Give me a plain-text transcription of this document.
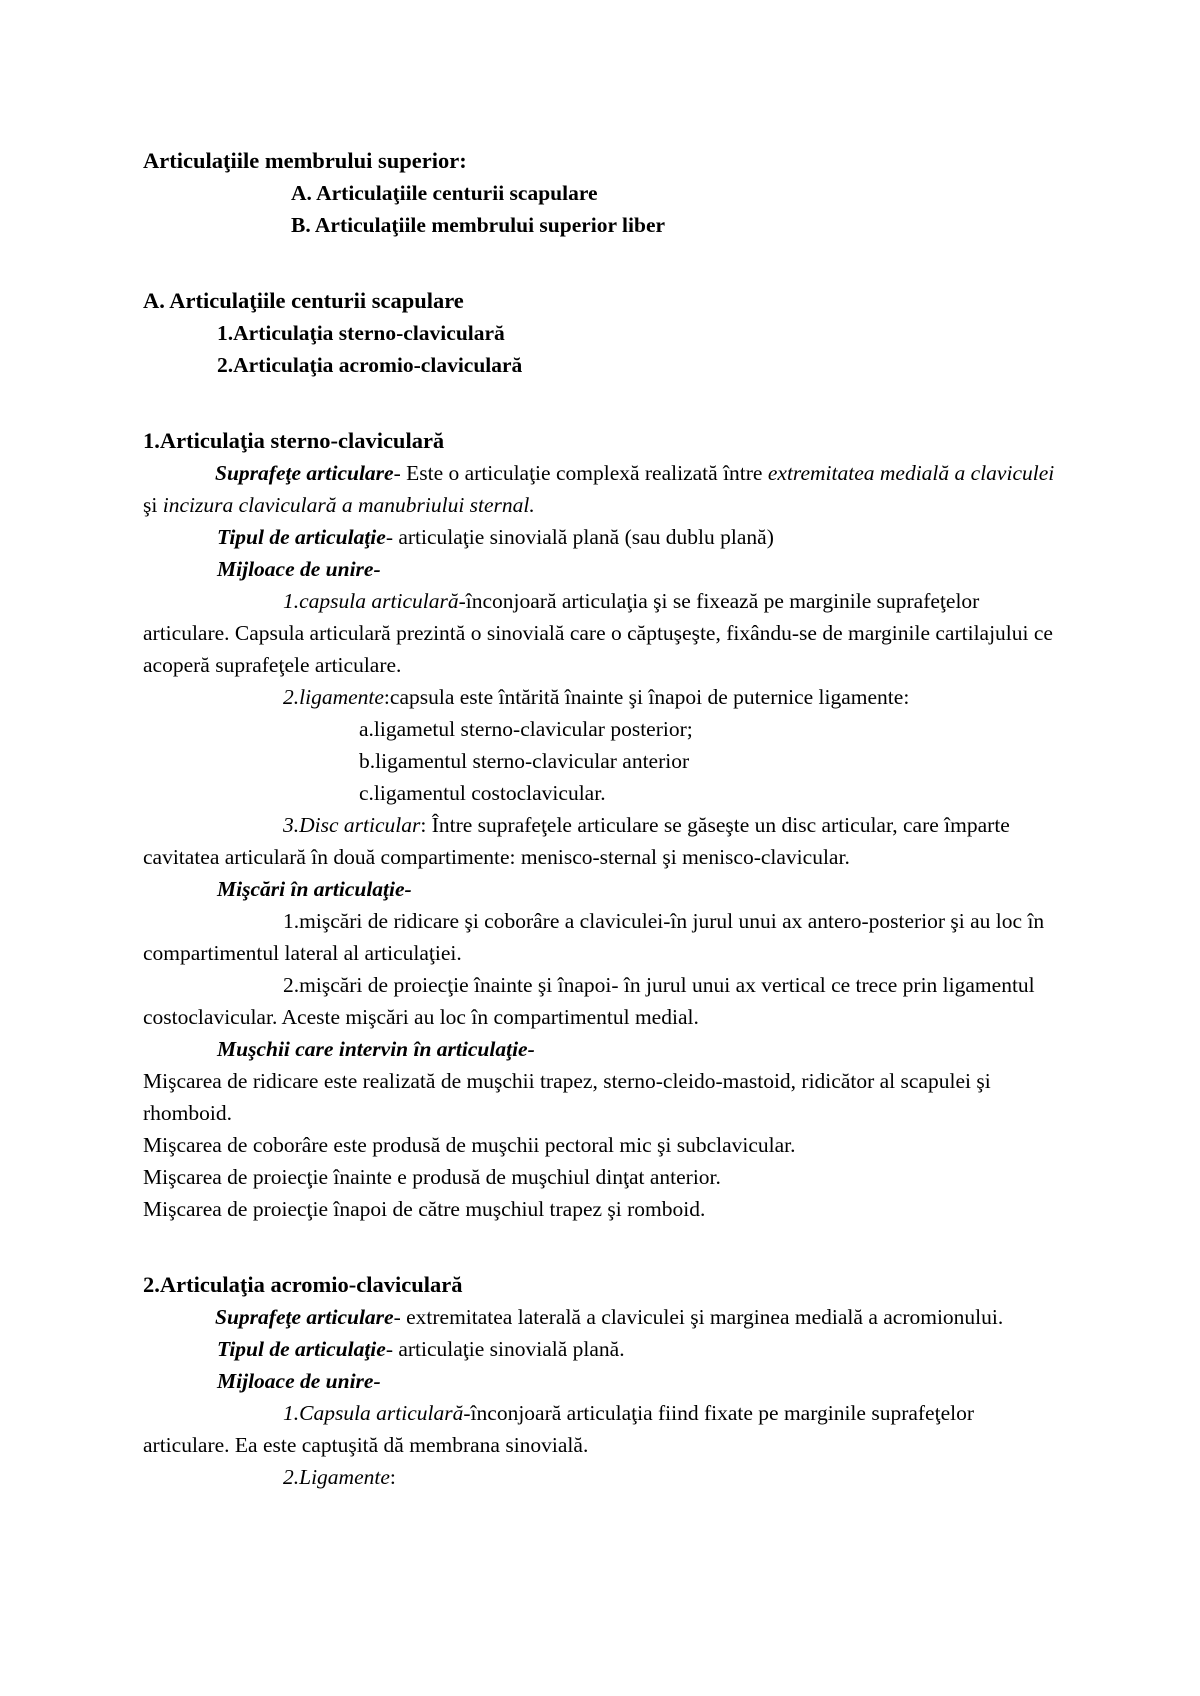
Articulaţiile membrului superior:
A. Articulaţiile centurii scapulare
B. Articulaţiile membrului superior liber
A. Articulaţiile centurii scapulare
1.Articulaţia sterno-claviculară
2.Articulaţia acromio-claviculară
1.Articulaţia sterno-claviculară
Suprafeţe articulare- Este o articulaţie complexă realizată între extremitatea medială a claviculei şi incizura claviculară a manubriului sternal.
Tipul de articulaţie- articulaţie sinovială plană (sau dublu plană)
Mijloace de unire-
1.capsula articulară-înconjoară articulaţia şi se fixează pe marginile suprafeţelor articulare. Capsula articulară prezintă o sinovială care o căptuşeşte, fixându-se de marginile cartilajului ce acoperă suprafeţele articulare.
2.ligamente:capsula este întărită înainte şi înapoi de puternice ligamente:
a.ligametul sterno-clavicular posterior;
b.ligamentul sterno-clavicular anterior
c.ligamentul costoclavicular.
3.Disc articular: Între suprafeţele articulare se găseşte un disc articular, care împarte cavitatea articulară în două compartimente: menisco-sternal şi menisco-clavicular.
Mişcări în articulaţie-
1.mişcări de ridicare şi coborâre a claviculei-în jurul unui ax antero-posterior şi au loc în compartimentul lateral al articulaţiei.
2.mişcări de proiecţie înainte şi înapoi- în jurul unui ax vertical ce trece prin ligamentul costoclavicular. Aceste mişcări au loc în compartimentul medial.
Muşchii care intervin în articulaţie-
Mişcarea de ridicare este realizată de muşchii trapez, sterno-cleido-mastoid, ridicător al scapulei şi rhomboid.
Mişcarea de coborâre este produsă de muşchii pectoral mic şi subclavicular.
Mişcarea de proiecţie înainte e produsă de muşchiul dinţat anterior.
Mişcarea de proiecţie înapoi de către muşchiul trapez şi romboid.
2.Articulaţia acromio-claviculară
Suprafeţe articulare- extremitatea laterală a claviculei şi marginea medială a acromionului.
Tipul de articulaţie- articulaţie sinovială plană.
Mijloace de unire-
1.Capsula articulară-înconjoară articulaţia fiind fixate pe marginile suprafeţelor articulare. Ea este captuşită dă membrana sinovială.
2.Ligamente:
